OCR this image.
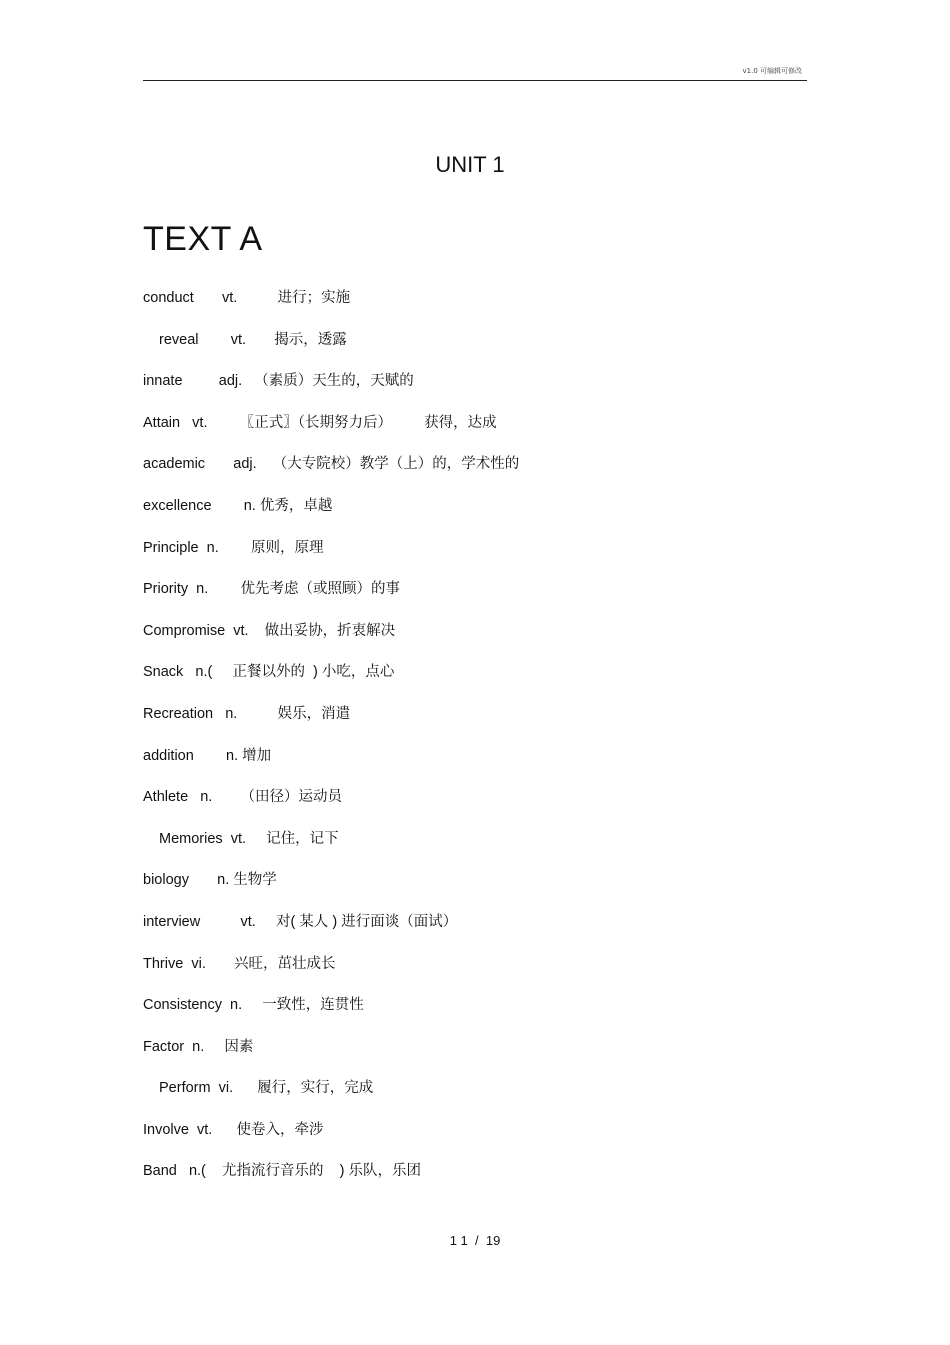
v1.0 可编辑可修改
UNIT 1
TEXT A
conduct       vt.          进行；实施
reveal        vt.       揭示，透露
innate         adj.   （素质）天生的，天赋的
Attain   vt.        〖正式〗（长期努力后）        获得，达成
academic       adj.    （大专院校）教学（上）的，学术性的
excellence        n. 优秀，卓越
Principle  n.        原则，原理
Priority  n.        优先考虑（或照顾）的事
Compromise  vt.    做出妥协，折衷解决
Snack   n.(     正餐以外的  ) 小吃，点心
Recreation   n.          娱乐，消遣
addition        n. 增加
Athlete   n.       （田径）运动员
Memories  vt.     记住，记下
biology       n. 生物学
interview          vt.     对( 某人 ) 进行面谈（面试）
Thrive  vi.       兴旺，茁壮成长
Consistency  n.     一致性，连贯性
Factor  n.     因素
Perform  vi.      履行，实行，完成
Involve  vt.      使卷入，牵涉
Band   n.(    尤指流行音乐的    ) 乐队，乐团
1 1  /  19
